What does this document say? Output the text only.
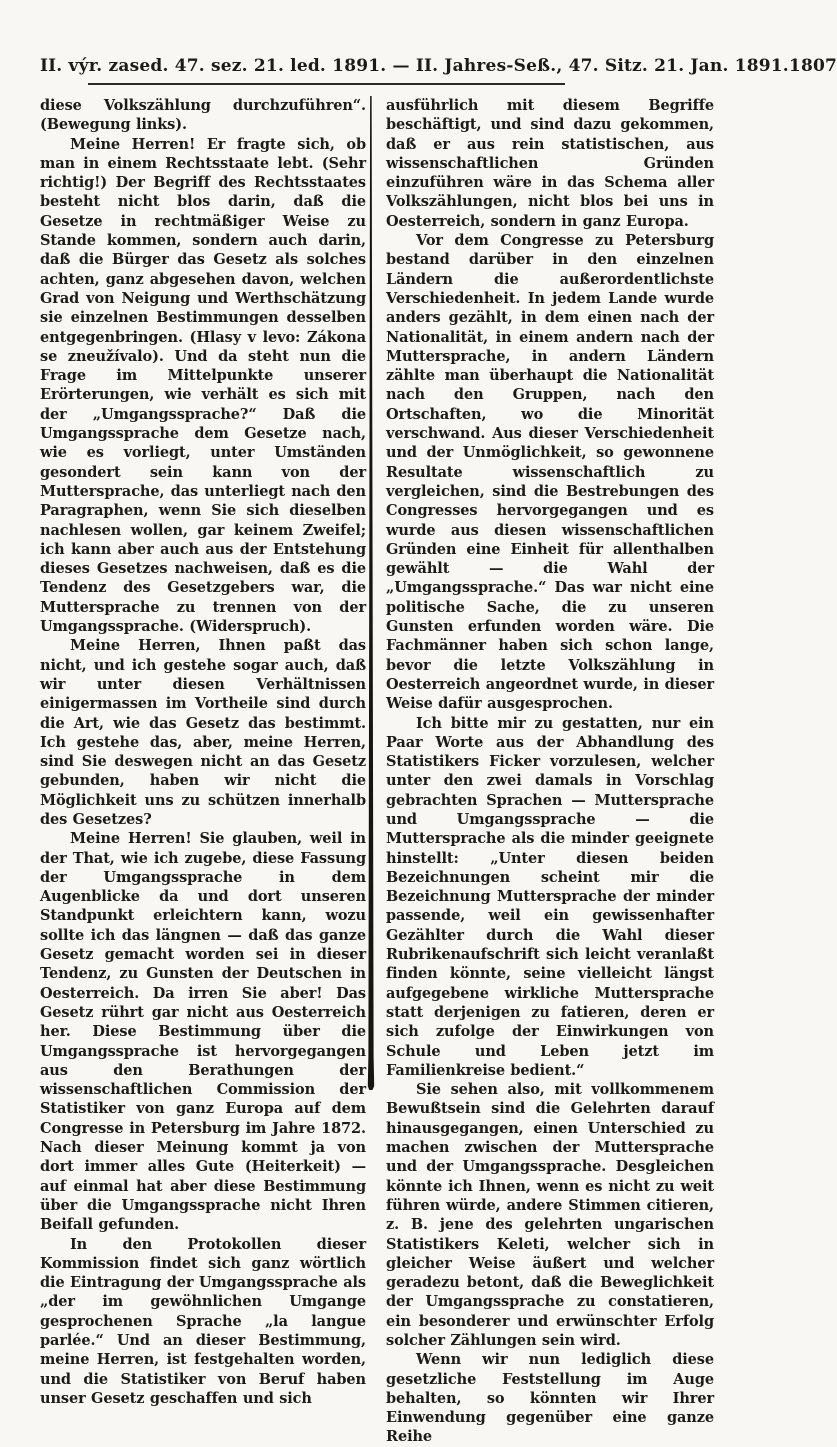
II. výr. zased. 47. sez. 21. led. 1891. — II. Jahres-Seß., 47. Sitz. 21. Jan. 1891. 1807

diese Volkszählung durchzuführen“. (Bewegung links).

Meine Herren! Er fragte sich, ob man in einem Rechtsstaate lebt. (Sehr richtig!) Der Begriff des Rechtsstaates besteht nicht blos darin, daß die Gesetze in rechtmäßiger Weise zu Stande kommen, sondern auch darin, daß die Bürger das Gesetz als solches achten, ganz abgesehen davon, welchen Grad von Neigung und Werthschätzung sie einzelnen Bestimmungen desselben entgegenbringen. (Hlasy v levo: Zákona se zneužívalo). Und da steht nun die Frage im Mittelpunkte unserer Erörterungen, wie verhält es sich mit der „Umgangssprache?“ Daß die Umgangssprache dem Gesetze nach, wie es vorliegt, unter Umständen gesondert sein kann von der Muttersprache, das unterliegt nach den Paragraphen, wenn Sie sich dieselben nachlesen wollen, gar keinem Zweifel; ich kann aber auch aus der Entstehung dieses Gesetzes nachweisen, daß es die Tendenz des Gesetzgebers war, die Muttersprache zu trennen von der Umgangssprache. (Widerspruch).

Meine Herren, Ihnen paßt das nicht, und ich gestehe sogar auch, daß wir unter diesen Verhältnissen einigermassen im Vortheile sind durch die Art, wie das Gesetz das bestimmt. Ich gestehe das, aber, meine Herren, sind Sie deswegen nicht an das Gesetz gebunden, haben wir nicht die Möglichkeit uns zu schützen innerhalb des Gesetzes?

Meine Herren! Sie glauben, weil in der That, wie ich zugebe, diese Fassung der Umgangssprache in dem Augenblicke da und dort unseren Standpunkt erleichtern kann, wozu sollte ich das längnen — daß das ganze Gesetz gemacht worden sei in dieser Tendenz, zu Gunsten der Deutschen in Oesterreich. Da irren Sie aber! Das Gesetz rührt gar nicht aus Oesterreich her. Diese Bestimmung über die Umgangssprache ist hervorgegangen aus den Berathungen der wissenschaftlichen Commission der Statistiker von ganz Europa auf dem Congresse in Petersburg im Jahre 1872. Nach dieser Meinung kommt ja von dort immer alles Gute (Heiterkeit) — auf einmal hat aber diese Bestimmung über die Umgangssprache nicht Ihren Beifall gefunden.

In den Protokollen dieser Kommission findet sich ganz wörtlich die Eintragung der Umgangssprache als „der im gewöhnlichen Umgange gesprochenen Sprache „la langue parlée.“ Und an dieser Bestimmung, meine Herren, ist festgehalten worden, und die Statistiker von Beruf haben unser Gesetz geschaffen und sich

ausführlich mit diesem Begriffe beschäftigt, und sind dazu gekommen, daß er aus rein statistischen, aus wissenschaftlichen Gründen einzuführen wäre in das Schema aller Volkszählungen, nicht blos bei uns in Oesterreich, sondern in ganz Europa.

Vor dem Congresse zu Petersburg bestand darüber in den einzelnen Ländern die außerordentlichste Verschiedenheit. In jedem Lande wurde anders gezählt, in dem einen nach der Nationalität, in einem andern nach der Muttersprache, in andern Ländern zählte man überhaupt die Nationalität nach den Gruppen, nach den Ortschaften, wo die Minorität verschwand. Aus dieser Verschiedenheit und der Unmöglichkeit, so gewonnene Resultate wissenschaftlich zu vergleichen, sind die Bestrebungen des Congresses hervorgegangen und es wurde aus diesen wissenschaftlichen Gründen eine Einheit für allenthalben gewählt — die Wahl der „Umgangssprache.“ Das war nicht eine politische Sache, die zu unseren Gunsten erfunden worden wäre. Die Fachmänner haben sich schon lange, bevor die letzte Volkszählung in Oesterreich angeordnet wurde, in dieser Weise dafür ausgesprochen.

Ich bitte mir zu gestatten, nur ein Paar Worte aus der Abhandlung des Statistikers Ficker vorzulesen, welcher unter den zwei damals in Vorschlag gebrachten Sprachen — Muttersprache und Umgangssprache — die Muttersprache als die minder geeignete hinstellt: „Unter diesen beiden Bezeichnungen scheint mir die Bezeichnung Muttersprache der minder passende, weil ein gewissenhafter Gezählter durch die Wahl dieser Rubrikenaufschrift sich leicht veranlaßt finden könnte, seine vielleicht längst aufgegebene wirkliche Muttersprache statt derjenigen zu fatieren, deren er sich zufolge der Einwirkungen von Schule und Leben jetzt im Familienkreise bedient.“

Sie sehen also, mit vollkommenem Bewußtsein sind die Gelehrten darauf hinausgegangen, einen Unterschied zu machen zwischen der Muttersprache und der Umgangssprache. Desgleichen könnte ich Ihnen, wenn es nicht zu weit führen würde, andere Stimmen citieren, z. B. jene des gelehrten ungarischen Statistikers Keleti, welcher sich in gleicher Weise äußert und welcher geradezu betont, daß die Beweglichkeit der Umgangssprache zu constatieren, ein besonderer und erwünschter Erfolg solcher Zählungen sein wird.

Wenn wir nun lediglich diese gesetzliche Feststellung im Auge behalten, so könnten wir Ihrer Einwendung gegenüber eine ganze Reihe
